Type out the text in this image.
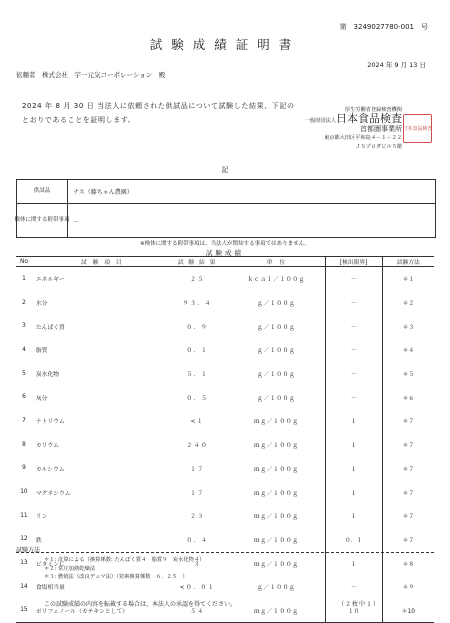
第　3249027780-001　号
試験成績証明書
2024 年 9 月 13 日
依頼者　株式会社　宇一元気コーポレーション　殿
2024 年 8 月 30 日 当法人に依頼された供試品について試験した結果、下記の
とおりであることを証明します。
厚生労働省登録検査機関
一般財団法人日本食品検査
首都圏事業所
東京都大田区平和島４－１－２２
ＪＳプロダビル５階
日本食品検査
記
供試品	ナス（藤ちゃん農園）
検体に関する附帯事項 －
※検体に関する附帯事項は、当法人が関知する事項ではありません。
試験成績
No	試　験　項　目	試 験 結 果	単　位	[検出限界]	試験方法
1	エネルギー	２５	ｋｃａｌ／１００ｇ	－	＊１
2	水分	９３．４	ｇ／１００ｇ	－	＊２
3	たんぱく質	０．９	ｇ／１００ｇ	－	＊３
4	脂質	０．１	ｇ／１００ｇ	－	＊４
5	炭水化物	５．１	ｇ／１００ｇ	－	＊５
6	灰分	０．５	ｇ／１００ｇ	－	＊６
7	ナトリウム	<１	ｍｇ／１００ｇ	１	＊７
8	カリウム	２４０	ｍｇ／１００ｇ	１	＊７
9	カルシウム	１７	ｍｇ／１００ｇ	１	＊７
10	マグネシウム	１７	ｍｇ／１００ｇ	１	＊７
11	リン	２３	ｍｇ／１００ｇ	１	＊７
12	鉄	０．４	ｍｇ／１００ｇ	０．１	＊７
13	ビタミンＣ	３	ｍｇ／１００ｇ	１	＊８
14	食塩相当量	<０．０１	ｇ／１００ｇ	－	＊９
15	ポリフェノール（カテキンとして）	５４	ｍｇ／１００ｇ	１０	＊10
試験方法
＊１: 計算による（換算係数: たんぱく質４　脂質９　炭水化物４）
＊２: 常圧加熱乾燥法
＊３: 燃焼法（改良デュマ法）（窒素換算係数　６．２５　）
この試験成績の内容を転載する場合は、本法人の承認を得てください。	（２枚中１）
